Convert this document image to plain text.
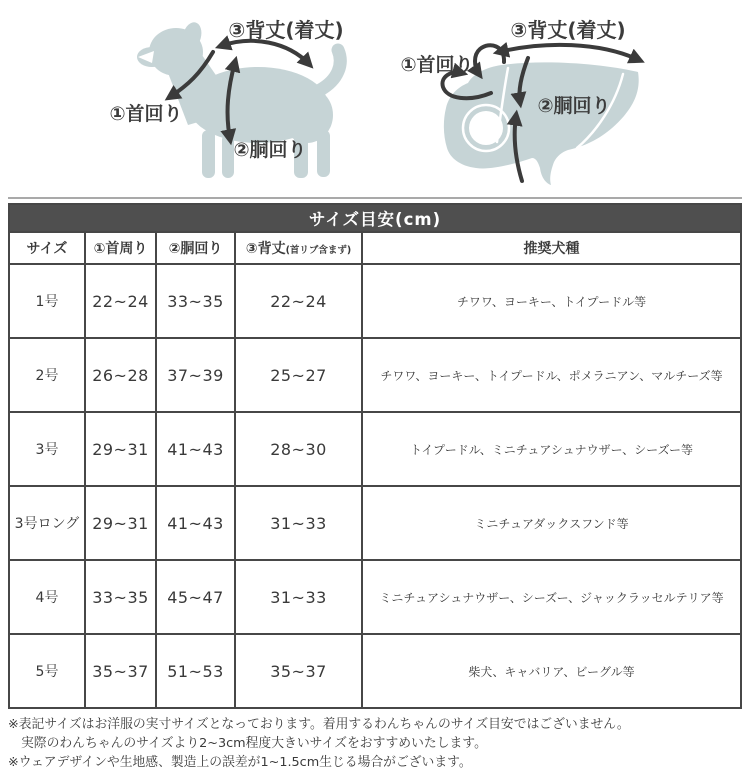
③背丈(着丈)
①首回り
②胴回り
③背丈(着丈)
①首回り
②胴回り
サイズ目安(cm)				
サイズ	①首周り	②胴回り	③背丈(首リブ含まず)	推奨犬種
1号	22~24	33~35	22~24	チワワ、ヨーキー、トイプードル等
2号	26~28	37~39	25~27	チワワ、ヨーキー、トイプードル、ポメラニアン、マルチーズ等
3号	29~31	41~43	28~30	トイプードル、ミニチュアシュナウザー、シーズー等
3号ロング	29~31	41~43	31~33	ミニチュアダックスフンド等
4号	33~35	45~47	31~33	ミニチュアシュナウザー、シーズー、ジャックラッセルテリア等
5号	35~37	51~53	35~37	柴犬、キャバリア、ビーグル等

※表記サイズはお洋服の実寸サイズとなっております。着用するわんちゃんのサイズ目安ではございません。

実際のわんちゃんのサイズより2~3cm程度大きいサイズをおすすめいたします。

※ウェアデザインや生地感、製造上の誤差が1~1.5cm生じる場合がございます。
